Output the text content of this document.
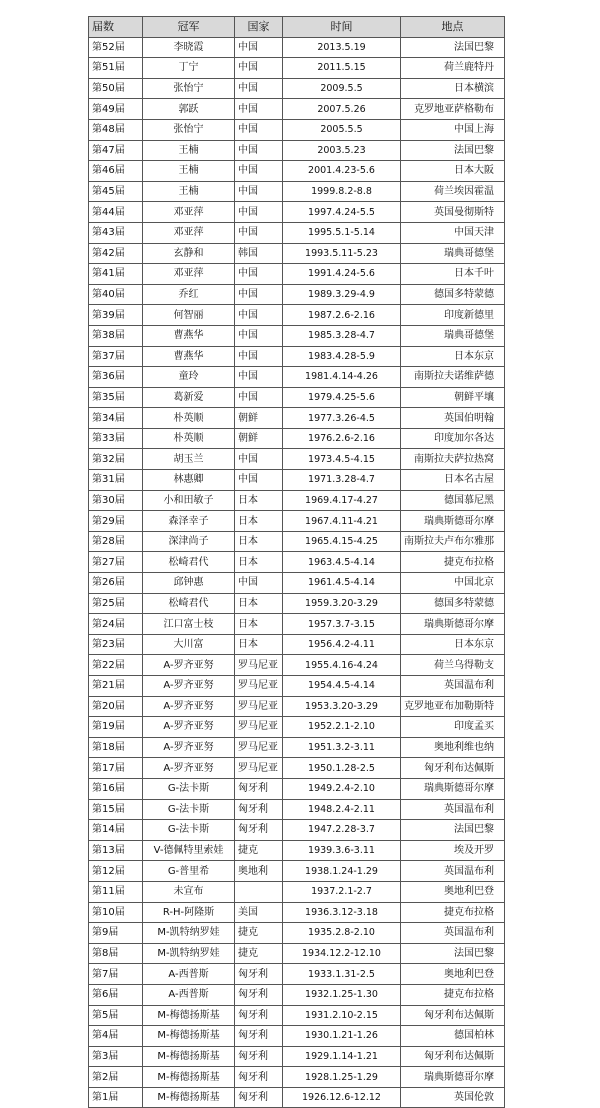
届数	冠军	国家	时间	地点
第52届	李晓霞	中国	2013.5.19	法国巴黎
第51届	丁宁	中国	2011.5.15	荷兰鹿特丹
第50届	张怡宁	中国	2009.5.5	日本横滨
第49届	郭跃	中国	2007.5.26	克罗地亚萨格勒布
第48届	张怡宁	中国	2005.5.5	中国上海
第47届	王楠	中国	2003.5.23	法国巴黎
第46届	王楠	中国	2001.4.23-5.6	日本大阪
第45届	王楠	中国	1999.8.2-8.8	荷兰埃因霍温
第44届	邓亚萍	中国	1997.4.24-5.5	英国曼彻斯特
第43届	邓亚萍	中国	1995.5.1-5.14	中国天津
第42届	玄静和	韩国	1993.5.11-5.23	瑞典哥德堡
第41届	邓亚萍	中国	1991.4.24-5.6	日本千叶
第40届	乔红	中国	1989.3.29-4.9	德国多特蒙德
第39届	何智丽	中国	1987.2.6-2.16	印度新德里
第38届	曹燕华	中国	1985.3.28-4.7	瑞典哥德堡
第37届	曹燕华	中国	1983.4.28-5.9	日本东京
第36届	童玲	中国	1981.4.14-4.26	南斯拉夫诺维萨德
第35届	葛新爱	中国	1979.4.25-5.6	朝鲜平壤
第34届	朴英顺	朝鲜	1977.3.26-4.5	英国伯明翰
第33届	朴英顺	朝鲜	1976.2.6-2.16	印度加尔各达
第32届	胡玉兰	中国	1973.4.5-4.15	南斯拉夫萨拉热窝
第31届	林惠卿	中国	1971.3.28-4.7	日本名古屋
第30届	小和田敏子	日本	1969.4.17-4.27	德国慕尼黑
第29届	森泽幸子	日本	1967.4.11-4.21	瑞典斯德哥尔摩
第28届	深津尚子	日本	1965.4.15-4.25	南斯拉夫卢布尔雅那
第27届	松崎君代	日本	1963.4.5-4.14	捷克布拉格
第26届	邱钟惠	中国	1961.4.5-4.14	中国北京
第25届	松崎君代	日本	1959.3.20-3.29	德国多特蒙德
第24届	江口富士枝	日本	1957.3.7-3.15	瑞典斯德哥尔摩
第23届	大川富	日本	1956.4.2-4.11	日本东京
第22届	A-罗齐亚努	罗马尼亚	1955.4.16-4.24	荷兰乌得勒支
第21届	A-罗齐亚努	罗马尼亚	1954.4.5-4.14	英国温布利
第20届	A-罗齐亚努	罗马尼亚	1953.3.20-3.29	克罗地亚布加勒斯特
第19届	A-罗齐亚努	罗马尼亚	1952.2.1-2.10	印度孟买
第18届	A-罗齐亚努	罗马尼亚	1951.3.2-3.11	奥地利维也纳
第17届	A-罗齐亚努	罗马尼亚	1950.1.28-2.5	匈牙利布达佩斯
第16届	G-法卡斯	匈牙利	1949.2.4-2.10	瑞典斯德哥尔摩
第15届	G-法卡斯	匈牙利	1948.2.4-2.11	英国温布利
第14届	G-法卡斯	匈牙利	1947.2.28-3.7	法国巴黎
第13届	V-德佩特里索娃	捷克	1939.3.6-3.11	埃及开罗
第12届	G-普里希	奥地利	1938.1.24-1.29	英国温布利
第11届	未宣布		1937.2.1-2.7	奥地利巴登
第10届	R-H-阿隆斯	美国	1936.3.12-3.18	捷克布拉格
第9届	M-凯特纳罗娃	捷克	1935.2.8-2.10	英国温布利
第8届	M-凯特纳罗娃	捷克	1934.12.2-12.10	法国巴黎
第7届	A-西普斯	匈牙利	1933.1.31-2.5	奥地利巴登
第6届	A-西普斯	匈牙利	1932.1.25-1.30	捷克布拉格
第5届	M-梅德扬斯基	匈牙利	1931.2.10-2.15	匈牙利布达佩斯
第4届	M-梅德扬斯基	匈牙利	1930.1.21-1.26	德国柏林
第3届	M-梅德扬斯基	匈牙利	1929.1.14-1.21	匈牙利布达佩斯
第2届	M-梅德扬斯基	匈牙利	1928.1.25-1.29	瑞典斯德哥尔摩
第1届	M-梅德扬斯基	匈牙利	1926.12.6-12.12	英国伦敦
